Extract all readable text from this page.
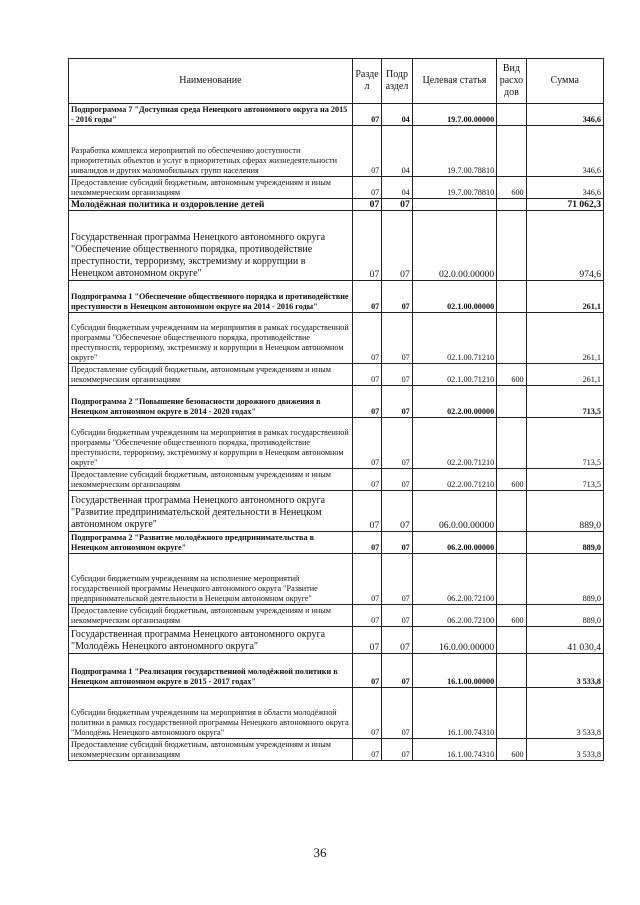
Наименование	Разде л	Подр аздел	Целевая статья	Вид расхо дов	Сумма
Подпрограмма 7 "Доступная среда Ненецкого автономного округа на 2015 - 2016 годы"	07	04	19.7.00.00000		346,6
Разработка комплекса мероприятий по обеспечению доступности приоритетных объектов и услуг в приоритетных сферах жизнедеятельности инвалидов и других маломобильных групп населения	07	04	19.7.00.78810		346,6
Предоставление субсидий бюджетным, автономным учреждениям и иным некоммерческим организациям	07	04	19.7.00.78810	600	346,6
Молодёжная политика и оздоровление детей	07	07			71 062,3
Государственная программа Ненецкого автономного округа "Обеспечение общественного порядка, противодействие преступности, терроризму, экстремизму и коррупции в Ненецком автономном округе"	07	07	02.0.00.00000		974,6
Подпрограмма 1 "Обеспечение общественного порядка и противодействие преступности в Ненецком автономном округе на 2014 - 2016 годы"	07	07	02.1.00.00000		261,1
Субсидии бюджетным учреждениям на мероприятия в рамках государственной программы "Обеспечение общественного порядка, противодействие преступности, терроризму, экстремизму и коррупции в Ненецком автономном округе"	07	07	02.1.00.71210		261,1
Предоставление субсидий бюджетным, автономным учреждениям и иным некоммерческим организациям	07	07	02.1.00.71210	600	261,1
Подпрограмма 2 "Повышение безопасности дорожного движения в Ненецком автономном округе в 2014 - 2020 годах"	07	07	02.2.00.00000		713,5
Субсидии бюджетным учреждениям на мероприятия в рамках государственной программы "Обеспечение общественного порядка, противодействие преступности, терроризму, экстремизму и коррупции в Ненецком автономном округе"	07	07	02.2.00.71210		713,5
Предоставление субсидий бюджетным, автономным учреждениям и иным некоммерческим организациям	07	07	02.2.00.71210	600	713,5
Государственная программа Ненецкого автономного округа "Развитие предпринимательской деятельности в Ненецком автономном округе"	07	07	06.0.00.00000		889,0
Подпрограмма 2 "Развитие молодёжного предпринимательства в Ненецком автономном округе"	07	07	06.2.00.00000		889,0
Субсидии бюджетным учреждениям на исполнение мероприятий государственной программы Ненецкого автономного округа "Развитие предпринимательской деятельности в Ненецком автономном округе"	07	07	06.2.00.72100		889,0
Предоставление субсидий бюджетным, автономным учреждениям и иным некоммерческим организациям	07	07	06.2.00.72100	600	889,0
Государственная программа Ненецкого автономного округа "Молодёжь Ненецкого автономного округа"	07	07	16.0.00.00000		41 030,4
Подпрограмма 1 "Реализация государственной молодёжной политики в Ненецком автономном округе в 2015 - 2017 годах"	07	07	16.1.00.00000		3 533,8
Субсидии бюджетным учреждениям на мероприятия в области молодёжной политики в рамках государственной программы Ненецкого автономного округа "Молодёжь Ненецкого автономного округа"	07	07	16.1.00.74310		3 533,8
Предоставление субсидий бюджетным, автономным учреждениям и иным некоммерческим организациям	07	07	16.1.00.74310	600	3 533,8
36
